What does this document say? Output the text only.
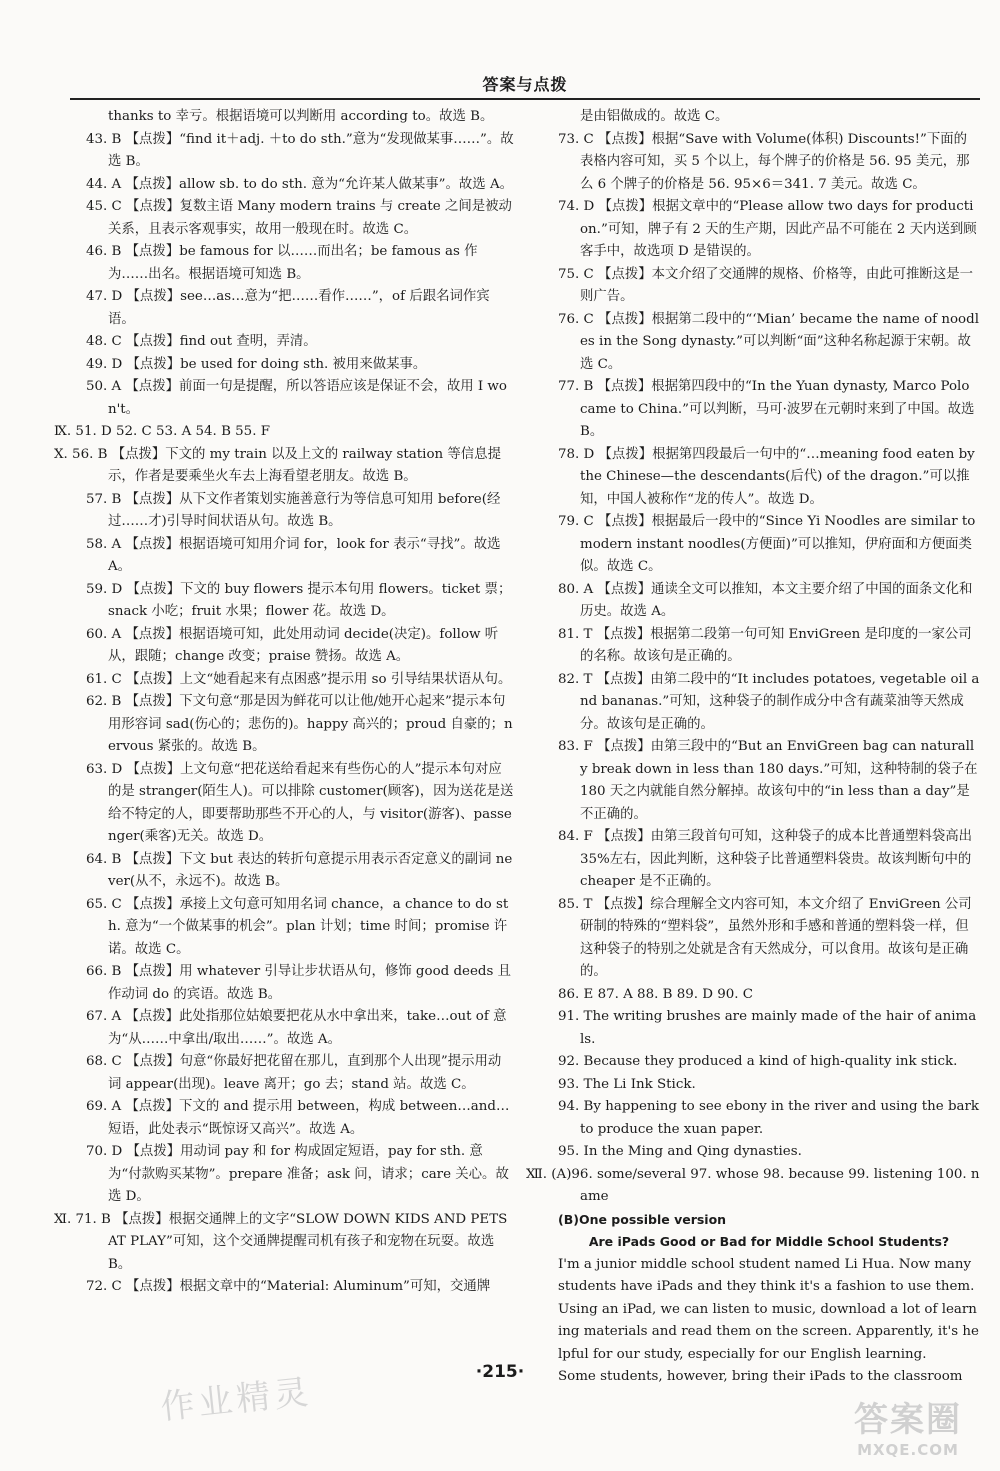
答案与点拨
thanks to 幸亏。根据语境可以判断用 according to。故选 B。
43. B 【点拨】“find it＋adj. ＋to do sth.”意为“发现做某事……”。故选 B。
44. A 【点拨】allow sb. to do sth. 意为“允许某人做某事”。故选 A。
45. C 【点拨】复数主语 Many modern trains 与 create 之间是被动关系，且表示客观事实，故用一般现在时。故选 C。
46. B 【点拨】be famous for 以……而出名；be famous as 作为……出名。根据语境可知选 B。
47. D 【点拨】see…as…意为“把……看作……”，of 后跟名词作宾语。
48. C 【点拨】find out 查明，弄清。
49. D 【点拨】be used for doing sth. 被用来做某事。
50. A 【点拨】前面一句是提醒，所以答语应该是保证不会，故用 I won't。
Ⅸ. 51. D 52. C 53. A 54. B 55. F
Ⅹ. 56. B 【点拨】下文的 my train 以及上文的 railway station 等信息提示，作者是要乘坐火车去上海看望老朋友。故选 B。
57. B 【点拨】从下文作者策划实施善意行为等信息可知用 before(经过……才)引导时间状语从句。故选 B。
58. A 【点拨】根据语境可知用介词 for，look for 表示“寻找”。故选 A。
59. D 【点拨】下文的 buy flowers 提示本句用 flowers。ticket 票；snack 小吃；fruit 水果；flower 花。故选 D。
60. A 【点拨】根据语境可知，此处用动词 decide(决定)。follow 听从，跟随；change 改变；praise 赞扬。故选 A。
61. C 【点拨】上文“她看起来有点困惑”提示用 so 引导结果状语从句。
62. B 【点拨】下文句意“那是因为鲜花可以让他/她开心起来”提示本句用形容词 sad(伤心的；悲伤的)。happy 高兴的；proud 自豪的；nervous 紧张的。故选 B。
63. D 【点拨】上文句意“把花送给看起来有些伤心的人”提示本句对应的是 stranger(陌生人)。可以排除 customer(顾客)，因为送花是送给不特定的人，即要帮助那些不开心的人，与 visitor(游客)、passenger(乘客)无关。故选 D。
64. B 【点拨】下文 but 表达的转折句意提示用表示否定意义的副词 never(从不，永远不)。故选 B。
65. C 【点拨】承接上文句意可知用名词 chance，a chance to do sth. 意为“一个做某事的机会”。plan 计划；time 时间；promise 许诺。故选 C。
66. B 【点拨】用 whatever 引导让步状语从句，修饰 good deeds 且作动词 do 的宾语。故选 B。
67. A 【点拨】此处指那位姑娘要把花从水中拿出来，take…out of 意为“从……中拿出/取出……”。故选 A。
68. C 【点拨】句意“你最好把花留在那儿，直到那个人出现”提示用动词 appear(出现)。leave 离开；go 去；stand 站。故选 C。
69. A 【点拨】下文的 and 提示用 between，构成 between…and…短语，此处表示“既惊讶又高兴”。故选 A。
70. D 【点拨】用动词 pay 和 for 构成固定短语，pay for sth. 意为“付款购买某物”。prepare 准备；ask 问，请求；care 关心。故选 D。
Ⅺ. 71. B 【点拨】根据交通牌上的文字“SLOW DOWN KIDS AND PETS AT PLAY”可知，这个交通牌提醒司机有孩子和宠物在玩耍。故选 B。
72. C 【点拨】根据文章中的“Material: Aluminum”可知，交通牌
是由铝做成的。故选 C。
73. C 【点拨】根据“Save with Volume(体积) Discounts!”下面的表格内容可知，买 5 个以上，每个牌子的价格是 56. 95 美元，那么 6 个牌子的价格是 56. 95×6＝341. 7 美元。故选 C。
74. D 【点拨】根据文章中的“Please allow two days for production.”可知，牌子有 2 天的生产期，因此产品不可能在 2 天内送到顾客手中，故选项 D 是错误的。
75. C 【点拨】本文介绍了交通牌的规格、价格等，由此可推断这是一则广告。
76. C 【点拨】根据第二段中的“‘Mian’ became the name of noodles in the Song dynasty.”可以判断“面”这种名称起源于宋朝。故选 C。
77. B 【点拨】根据第四段中的“In the Yuan dynasty, Marco Polo came to China.”可以判断，马可·波罗在元朝时来到了中国。故选 B。
78. D 【点拨】根据第四段最后一句中的“…meaning food eaten by the Chinese—the descendants(后代) of the dragon.”可以推知，中国人被称作“龙的传人”。故选 D。
79. C 【点拨】根据最后一段中的“Since Yi Noodles are similar to modern instant noodles(方便面)”可以推知，伊府面和方便面类似。故选 C。
80. A 【点拨】通读全文可以推知，本文主要介绍了中国的面条文化和历史。故选 A。
81. T 【点拨】根据第二段第一句可知 EnviGreen 是印度的一家公司的名称。故该句是正确的。
82. T 【点拨】由第二段中的“It includes potatoes, vegetable oil and bananas.”可知，这种袋子的制作成分中含有蔬菜油等天然成分。故该句是正确的。
83. F 【点拨】由第三段中的“But an EnviGreen bag can naturally break down in less than 180 days.”可知，这种特制的袋子在 180 天之内就能自然分解掉。故该句中的“in less than a day”是不正确的。
84. F 【点拨】由第三段首句可知，这种袋子的成本比普通塑料袋高出 35%左右，因此判断，这种袋子比普通塑料袋贵。故该判断句中的 cheaper 是不正确的。
85. T 【点拨】综合理解全文内容可知，本文介绍了 EnviGreen 公司研制的特殊的“塑料袋”，虽然外形和手感和普通的塑料袋一样，但这种袋子的特别之处就是含有天然成分，可以食用。故该句是正确的。
86. E 87. A 88. B 89. D 90. C
91. The writing brushes are mainly made of the hair of animals.
92. Because they produced a kind of high-quality ink stick.
93. The Li Ink Stick.
94. By happening to see ebony in the river and using the bark to produce the xuan paper.
95. In the Ming and Qing dynasties.
Ⅻ. (A)96. some/several 97. whose 98. because 99. listening 100. name
(B)One possible version
Are iPads Good or Bad for Middle School Students?
I'm a junior middle school student named Li Hua. Now many students have iPads and they think it's a fashion to use them. Using an iPad, we can listen to music, download a lot of learning materials and read them on the screen. Apparently, it's helpful for our study, especially for our English learning.
Some students, however, bring their iPads to the classroom
·215·
作业精灵	答案圈
MXQE.COM
